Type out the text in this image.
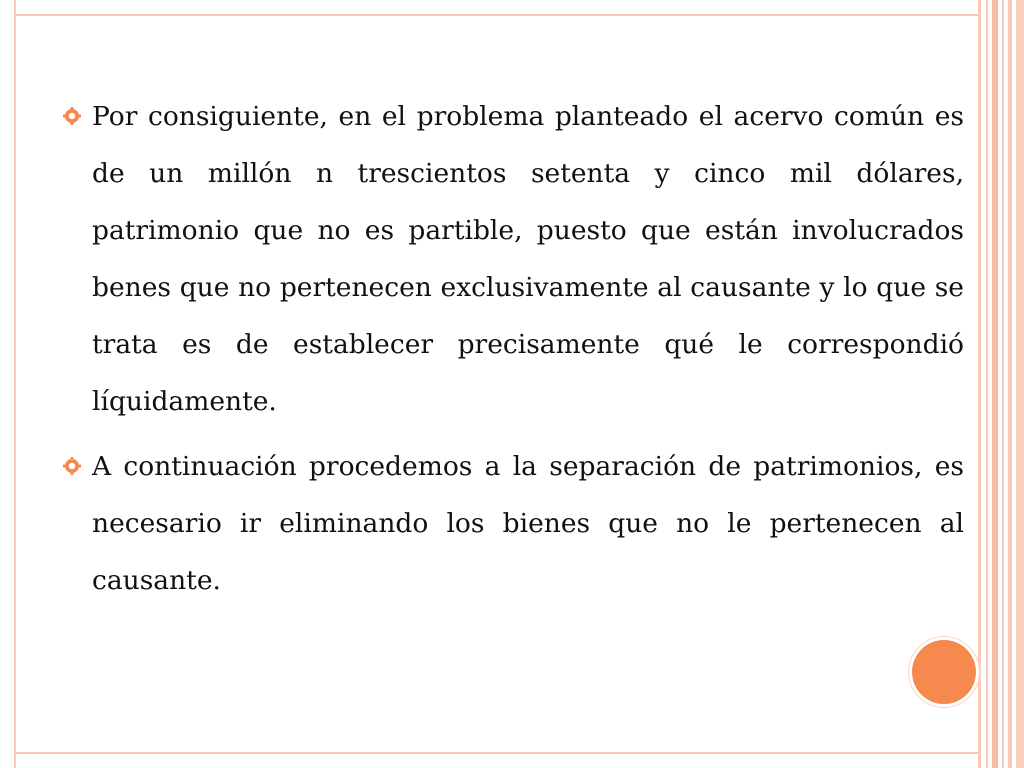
Por consiguiente, en el problema planteado el acervo común es de un millón n trescientos setenta y cinco mil dólares, patrimonio que no es partible, puesto que están involucrados benes que no pertenecen exclusivamente al causante y lo que se trata es de establecer precisamente qué le correspondió líquidamente.

A continuación procedemos a la separación de patrimonios, es necesario ir eliminando los bienes que no le pertenecen al causante.
